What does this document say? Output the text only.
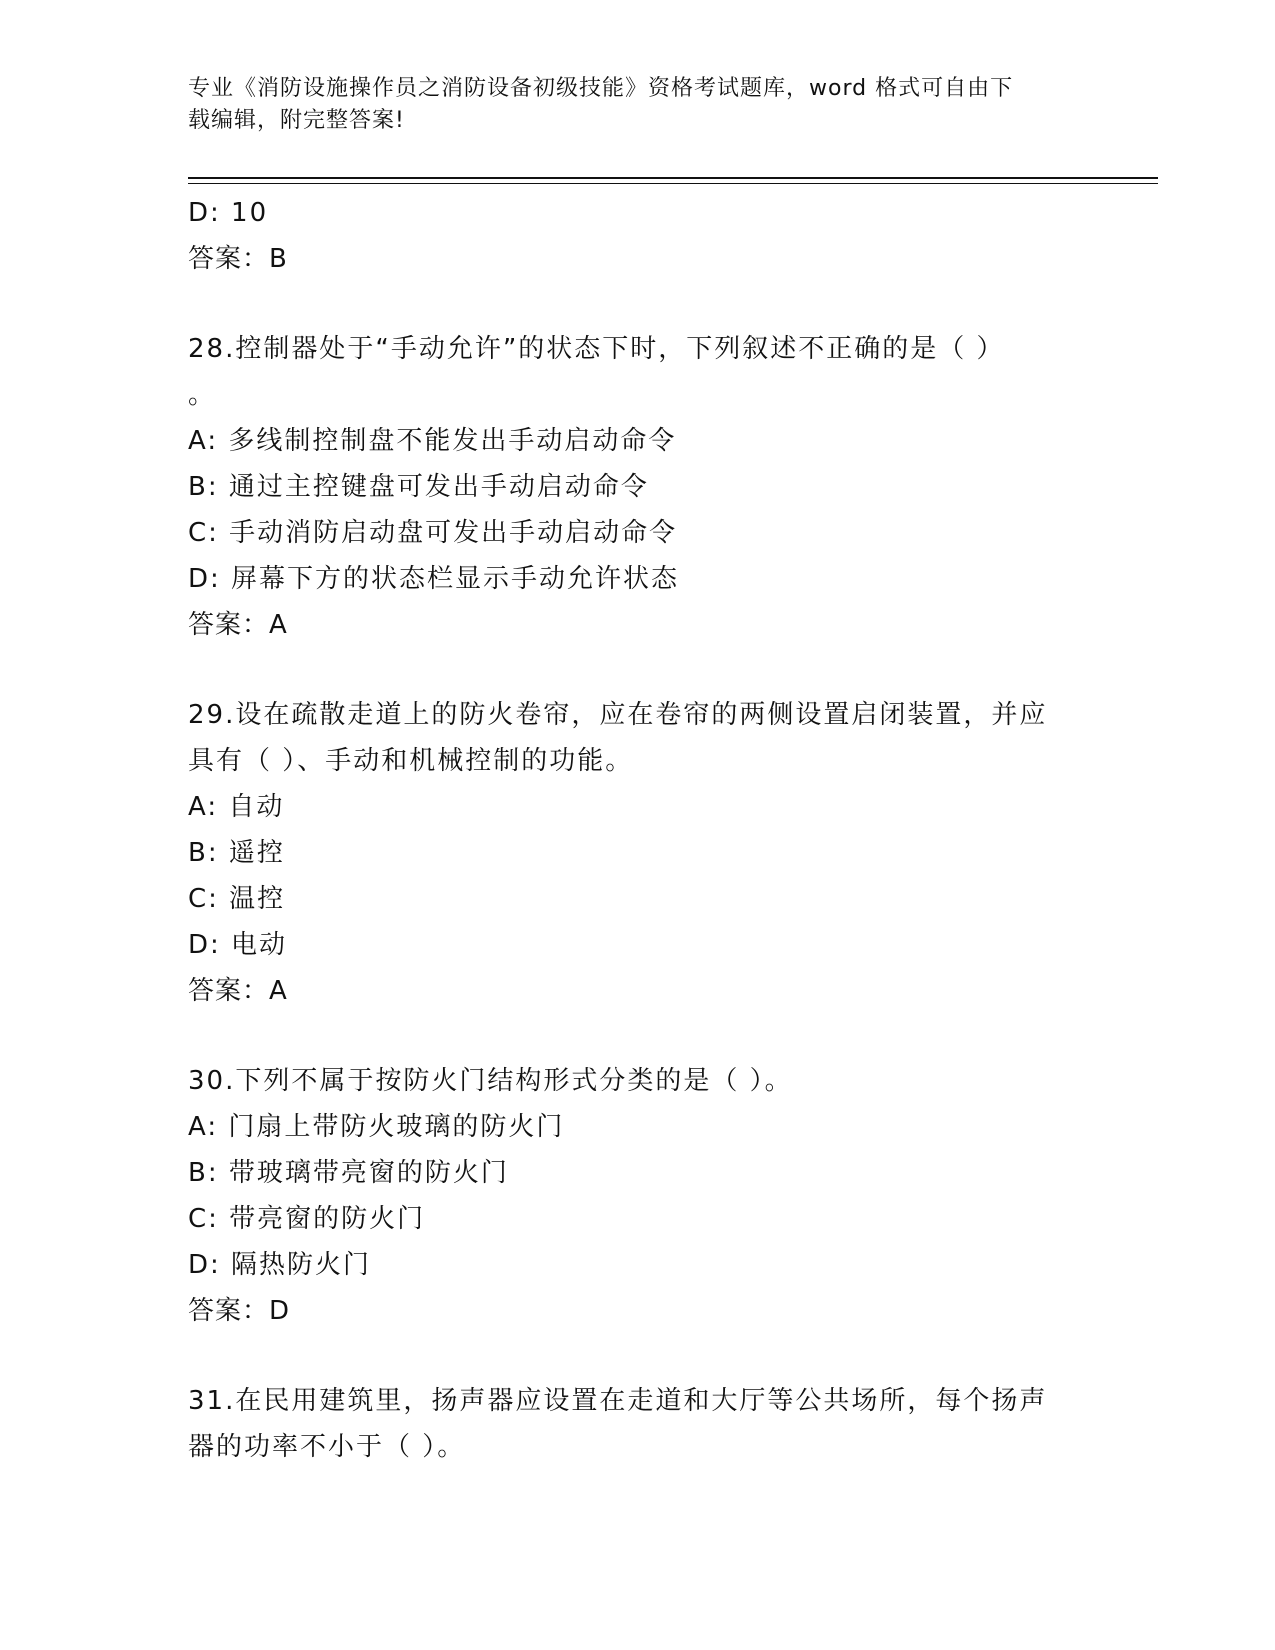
专业《消防设施操作员之消防设备初级技能》资格考试题库，word 格式可自由下
载编辑，附完整答案!
D: 10
答案：B
28.控制器处于“手动允许”的状态下时，下列叙述不正确的是（ ）
。
A: 多线制控制盘不能发出手动启动命令
B: 通过主控键盘可发出手动启动命令
C: 手动消防启动盘可发出手动启动命令
D: 屏幕下方的状态栏显示手动允许状态
答案：A
29.设在疏散走道上的防火卷帘，应在卷帘的两侧设置启闭装置，并应
具有（ ）、手动和机械控制的功能。
A: 自动
B: 遥控
C: 温控
D: 电动
答案：A
30.下列不属于按防火门结构形式分类的是（ ）。
A: 门扇上带防火玻璃的防火门
B: 带玻璃带亮窗的防火门
C: 带亮窗的防火门
D: 隔热防火门
答案：D
31.在民用建筑里，扬声器应设置在走道和大厅等公共场所，每个扬声
器的功率不小于（ ）。
